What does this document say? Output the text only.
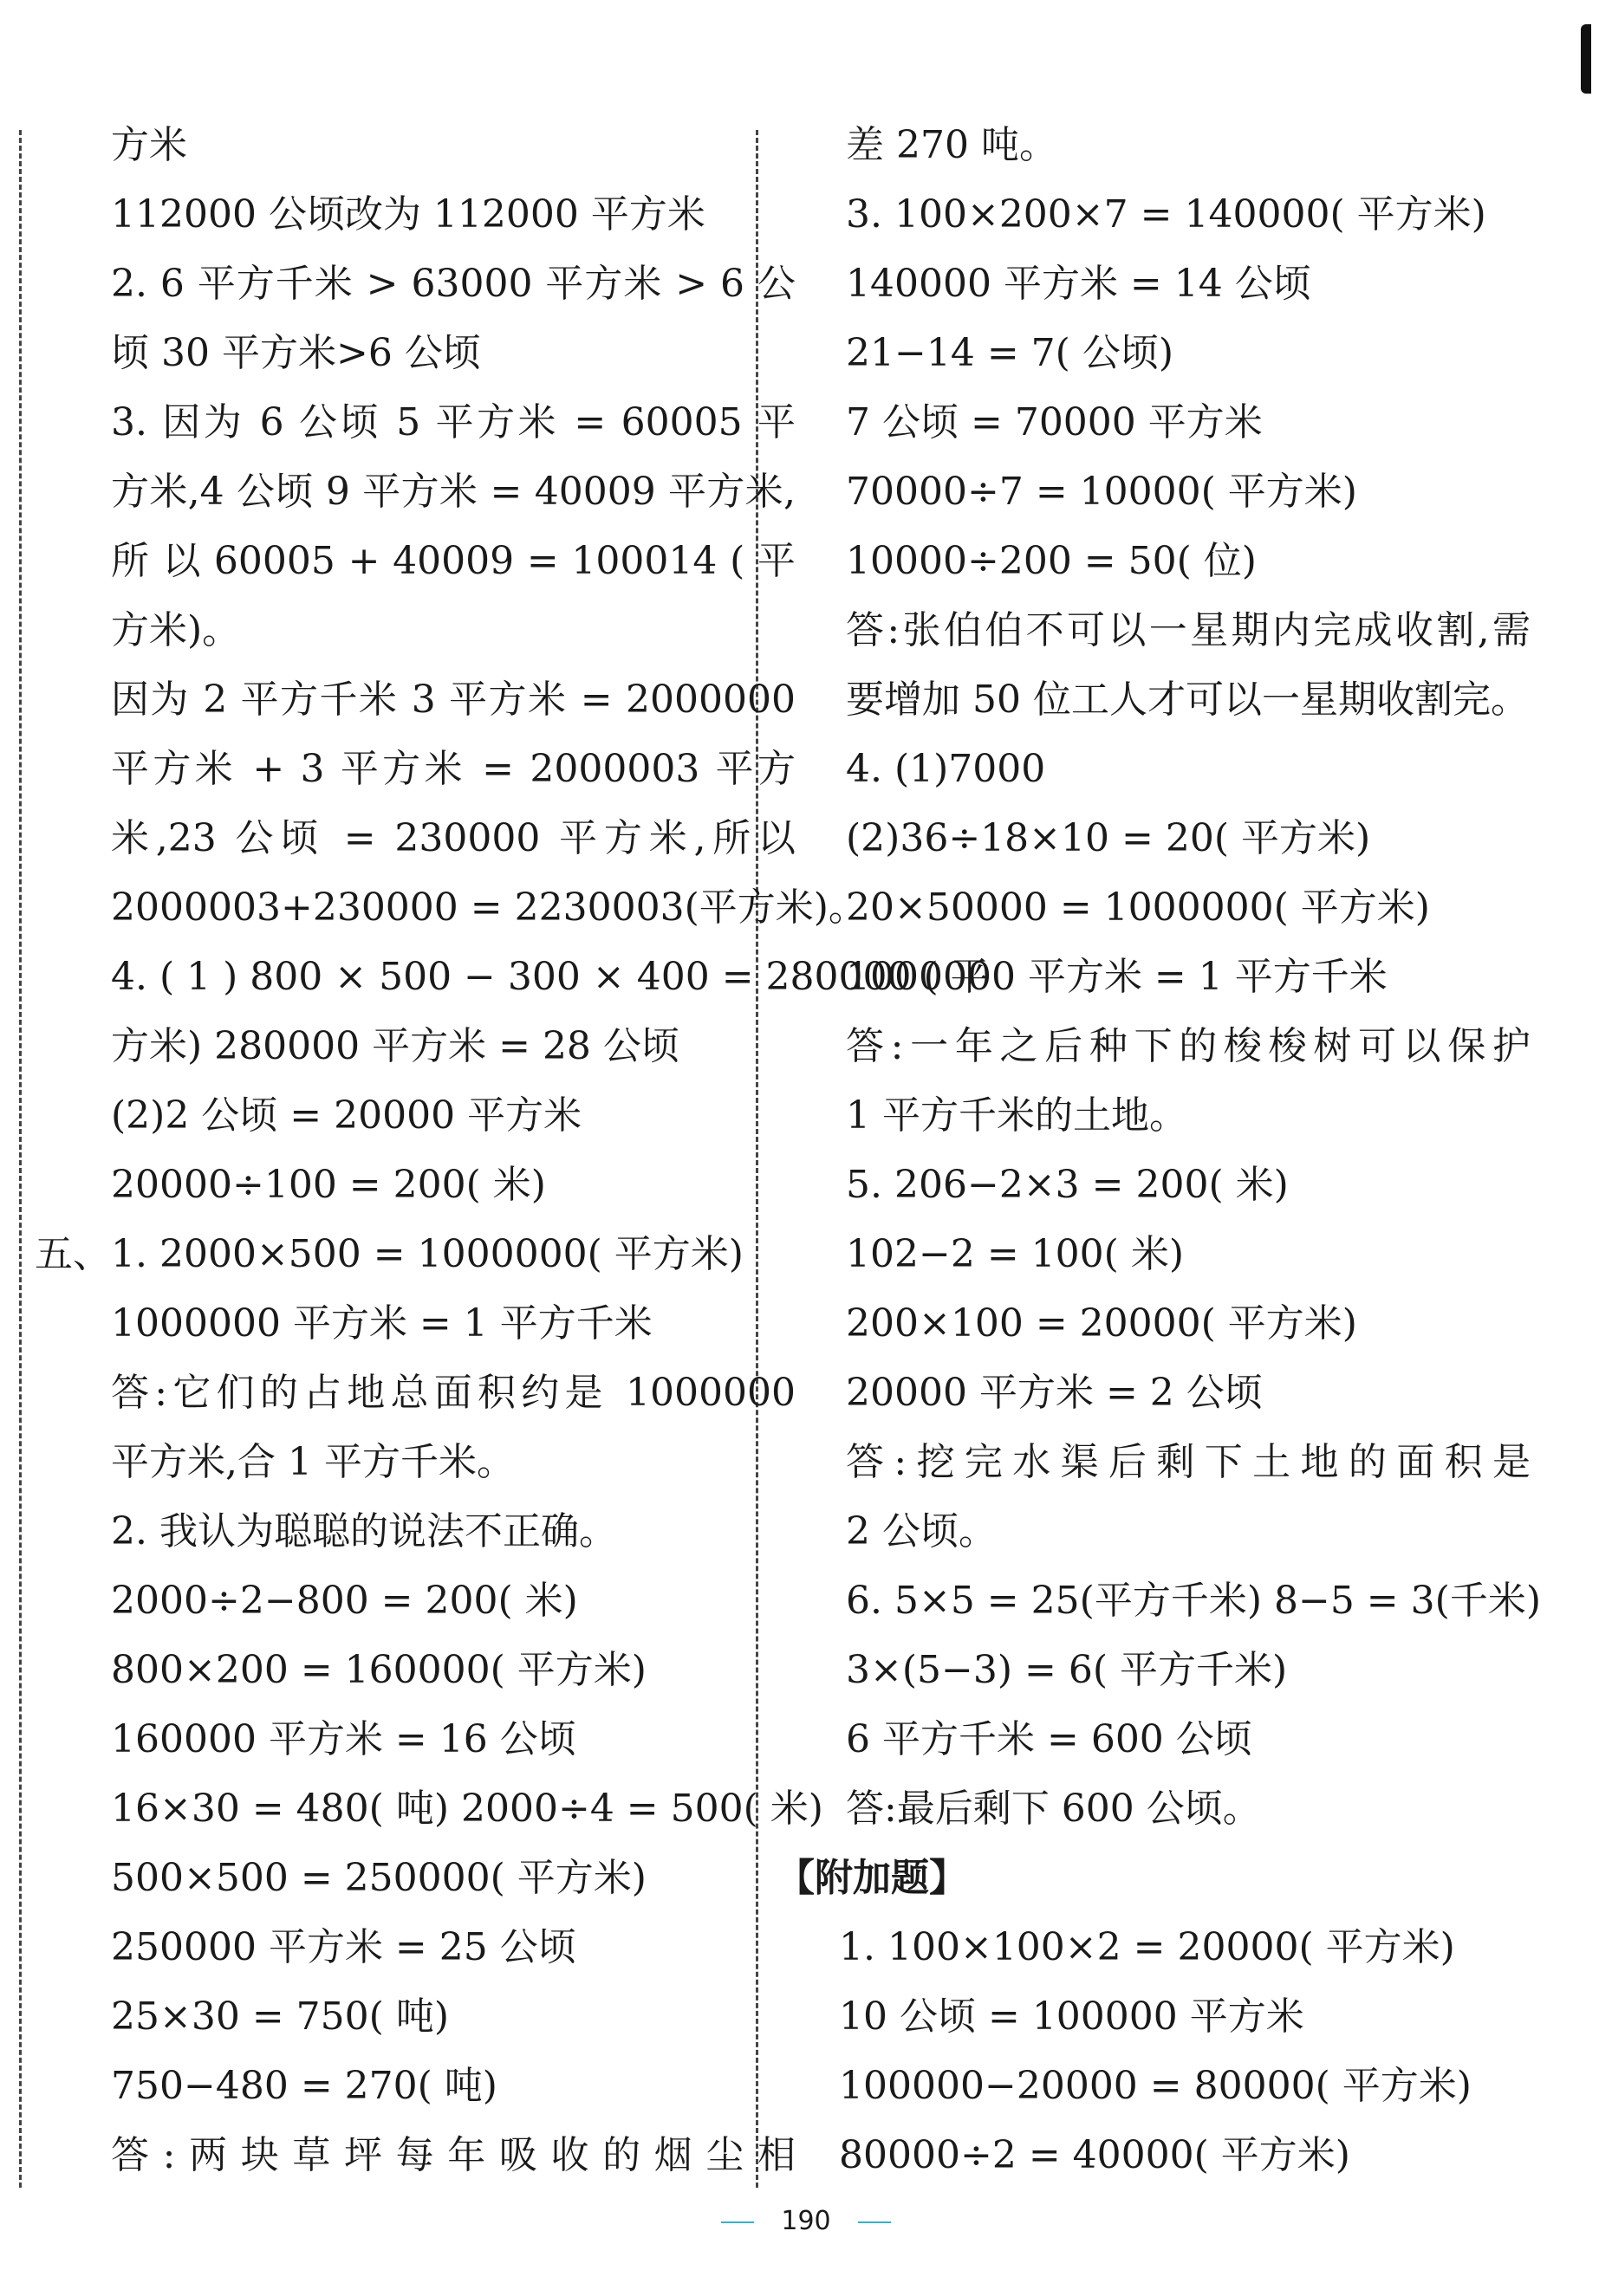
方米
112000 公顷改为 112000 平方米
2. 6 平方千米 > 63000 平方米 > 6 公
顷 30 平方米>6 公顷
3. 因为 6 公顷 5 平方米 = 60005 平
方米,4 公顷 9 平方米 = 40009 平方米,
所 以 60005 + 40009 = 100014 ( 平
方米)。
因为 2 平方千米 3 平方米 = 2000000
平方米 + 3 平方米 = 2000003 平方
米,23 公顷 = 230000 平方米,所以
2000003+230000 = 2230003(平方米)。
4. ( 1 ) 800 × 500 − 300 × 400 = 280000 ( 平
方米) 280000 平方米 = 28 公顷
(2)2 公顷 = 20000 平方米
20000÷100 = 200( 米)
五、1. 2000×500 = 1000000( 平方米)
1000000 平方米 = 1 平方千米
答:它们的占地总面积约是 1000000
平方米,合 1 平方千米。
2. 我认为聪聪的说法不正确。
2000÷2−800 = 200( 米)
800×200 = 160000( 平方米)
160000 平方米 = 16 公顷
16×30 = 480( 吨) 2000÷4 = 500( 米)
500×500 = 250000( 平方米)
250000 平方米 = 25 公顷
25×30 = 750( 吨)
750−480 = 270( 吨)
答:两块草坪每年吸收的烟尘相
差 270 吨。
3. 100×200×7 = 140000( 平方米)
140000 平方米 = 14 公顷
21−14 = 7( 公顷)
7 公顷 = 70000 平方米
70000÷7 = 10000( 平方米)
10000÷200 = 50( 位)
答:张伯伯不可以一星期内完成收割,需
要增加 50 位工人才可以一星期收割完。
4. (1)7000
(2)36÷18×10 = 20( 平方米)
20×50000 = 1000000( 平方米)
1000000 平方米 = 1 平方千米
答:一年之后种下的梭梭树可以保护
1 平方千米的土地。
5. 206−2×3 = 200( 米)
102−2 = 100( 米)
200×100 = 20000( 平方米)
20000 平方米 = 2 公顷
答:挖完水渠后剩下土地的面积是
2 公顷。
6. 5×5 = 25(平方千米) 8−5 = 3(千米)
3×(5−3) = 6( 平方千米)
6 平方千米 = 600 公顷
答:最后剩下 600 公顷。
【附加题】
1. 100×100×2 = 20000( 平方米)
10 公顷 = 100000 平方米
100000−20000 = 80000( 平方米)
80000÷2 = 40000( 平方米)
190
